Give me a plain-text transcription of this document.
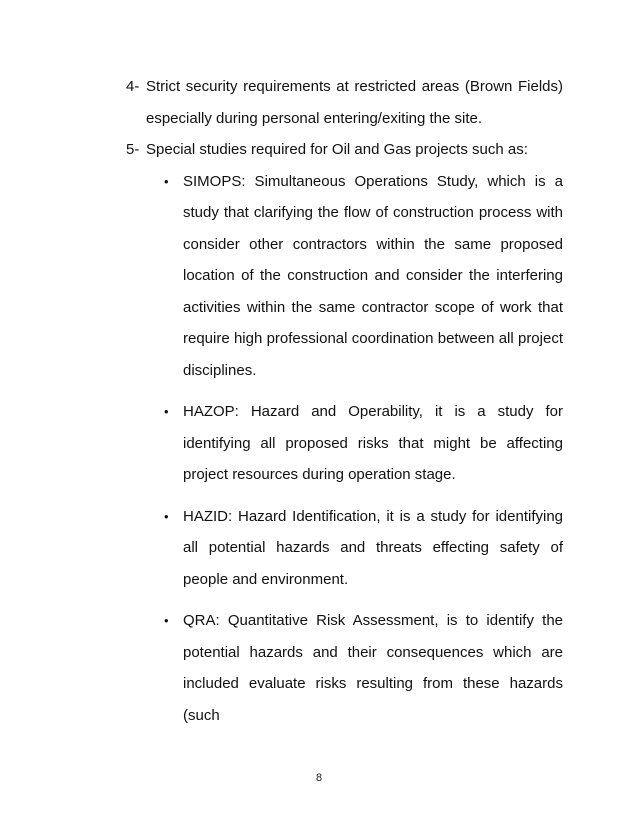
4- Strict security requirements at restricted areas (Brown Fields) especially during personal entering/exiting the site.
5- Special studies required for Oil and Gas projects such as:
• SIMOPS: Simultaneous Operations Study, which is a study that clarifying the flow of construction process with consider other contractors within the same proposed location of the construction and consider the interfering activities within the same contractor scope of work that require high professional coordination between all project disciplines.
• HAZOP: Hazard and Operability, it is a study for identifying all proposed risks that might be affecting project resources during operation stage.
• HAZID: Hazard Identification, it is a study for identifying all potential hazards and threats effecting safety of people and environment.
• QRA: Quantitative Risk Assessment, is to identify the potential hazards and their consequences which are included evaluate risks resulting from these hazards (such
8
